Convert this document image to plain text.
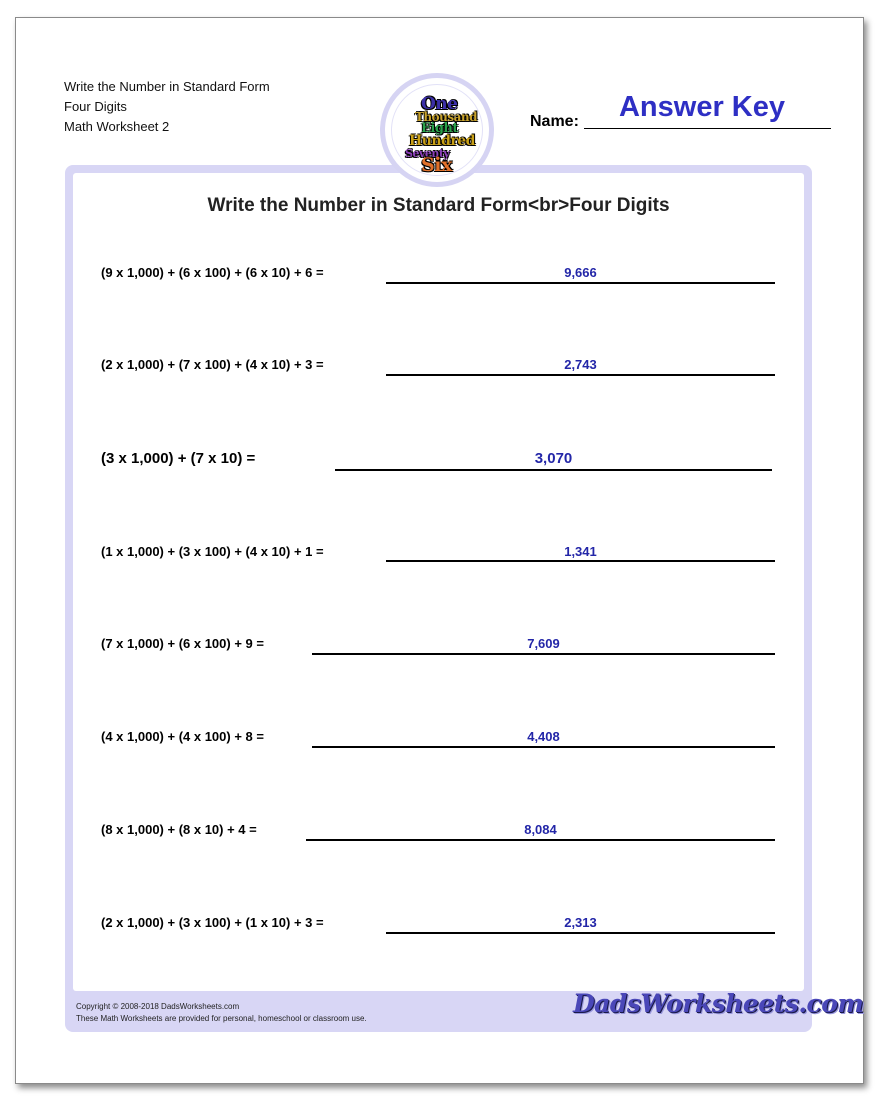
Write the Number in Standard Form
Four Digits
Math Worksheet 2
One
Thousand
Eight
Hundred
Seventy
Six
Name:	Answer Key
Write the Number in Standard Form<br>Four Digits
(9 x 1,000) + (6 x 100) + (6 x 10) + 6 =	9,666
(2 x 1,000) + (7 x 100) + (4 x 10) + 3 =	2,743
(3 x 1,000) + (7 x 10) =	3,070
(1 x 1,000) + (3 x 100) + (4 x 10) + 1 =	1,341
(7 x 1,000) + (6 x 100) + 9 =	7,609
(4 x 1,000) + (4 x 100) + 8 =	4,408
(8 x 1,000) + (8 x 10) + 4 =	8,084
(2 x 1,000) + (3 x 100) + (1 x 10) + 3 =	2,313
Copyright © 2008-2018 DadsWorksheets.com
These Math Worksheets are provided for personal, homeschool or classroom use.
DadsWorksheets.com
